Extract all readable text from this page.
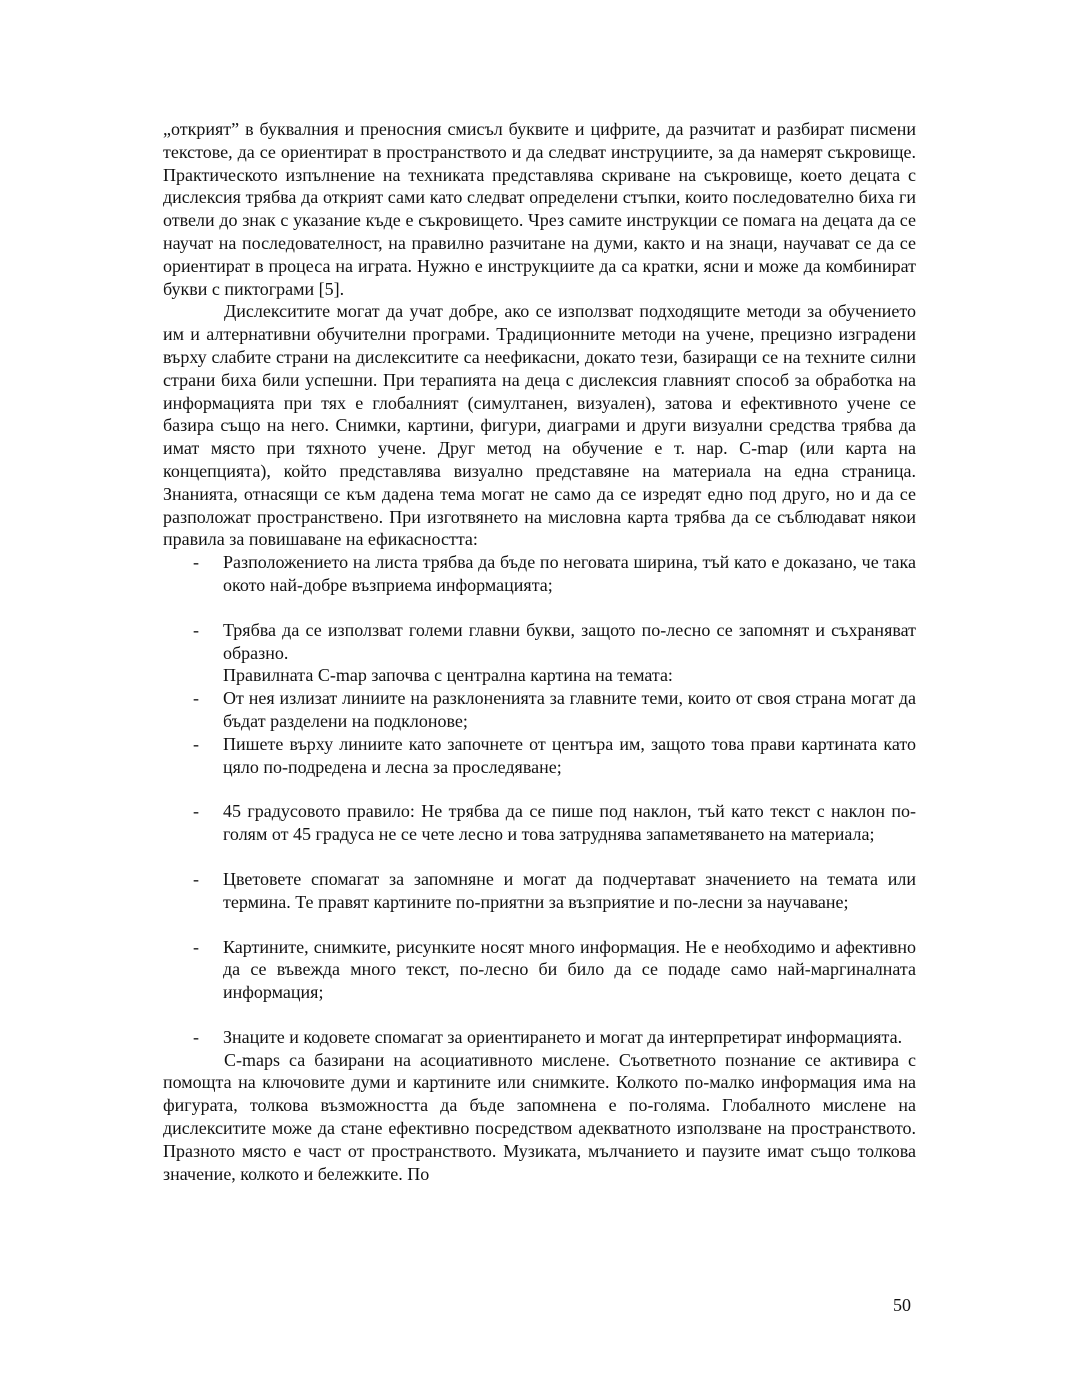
„открият” в буквалния и преносния смисъл буквите и цифрите, да разчитат и разбират писмени текстове, да се ориентират в пространството и да следват инструциите, за да намерят съкровище. Практическото изпълнение на техниката представлява скриване на съкровище, което децата с дислексия трябва да открият сами като следват определени стъпки, които последователно биха ги отвели до знак с указание къде е съкровището. Чрез самите инструкции се помага на децата да се научат на последователност, на правилно разчитане на думи, както и на знаци, научават се да се ориентират в процеса на играта. Нужно е инструкциите да са кратки, ясни и може да комбинират букви с пиктограми [5].

Дислекситите могат да учат добре, ако се използват подходящите методи за обучението им и алтернативни обучителни програми. Традиционните методи на учене, прецизно изградени върху слабите страни на дислекситите са неефикасни, докато тези, базиращи се на техните силни страни биха били успешни. При терапията на деца с дислексия главният способ за обработка на информацията при тях е глобалният (симултанен, визуален), затова и ефективното учене се базира също на него. Снимки, картини, фигури, диаграми и други визуални средства трябва да имат място при тяхното учене. Друг метод на обучение е т. нар. C-map (или карта на концепцията), който представлява визуално представяне на материала на една страница. Знанията, отнасящи се към дадена тема могат не само да се изредят едно под друго, но и да се разположат пространствено. При изготвянето на мисловна карта трябва да се съблюдават някои правила за повишаване на ефикасността:

- Разположението на листа трябва да бъде по неговата ширина, тъй като е доказано, че така окото най-добре възприема информацията;
- Трябва да се използват големи главни букви, защото по-лесно се запомнят и съхраняват образно.

Правилната C-map започва с централна картина на темата:

- От нея излизат линиите на разклоненията за главните теми, които от своя страна могат да бъдат разделени на подклонове;
- Пишете върху линиите като започнете от центъра им, защото това прави картината като цяло по-подредена и лесна за проследяване;
- 45 градусовото правило: Не трябва да се пише под наклон, тъй като текст с наклон по-голям от 45 градуса не се чете лесно и това затруднява запаметяването на материала;
- Цветовете спомагат за запомняне и могат да подчертават значението на темата или термина. Те правят картините по-приятни за възприятие и по-лесни за научаване;
- Картините, снимките, рисунките носят много информация. Не е необходимо и афективно да се въвежда много текст, по-лесно би било да се подаде само най-маргиналната информация;
- Знаците и кодовете спомагат за ориентирането и могат да интерпретират информацията.

C-maps са базирани на асоциативното мислене. Съответното познание се активира с помощта на ключовите думи и картините или снимките. Колкото по-малко информация има на фигурата, толкова възможността да бъде запомнена е по-голяма. Глобалното мислене на дислекситите може да стане ефективно посредством адекватното използване на пространството. Празното място е част от пространството. Музиката, мълчанието и паузите имат също толкова значение, колкото и бележките. По

50
